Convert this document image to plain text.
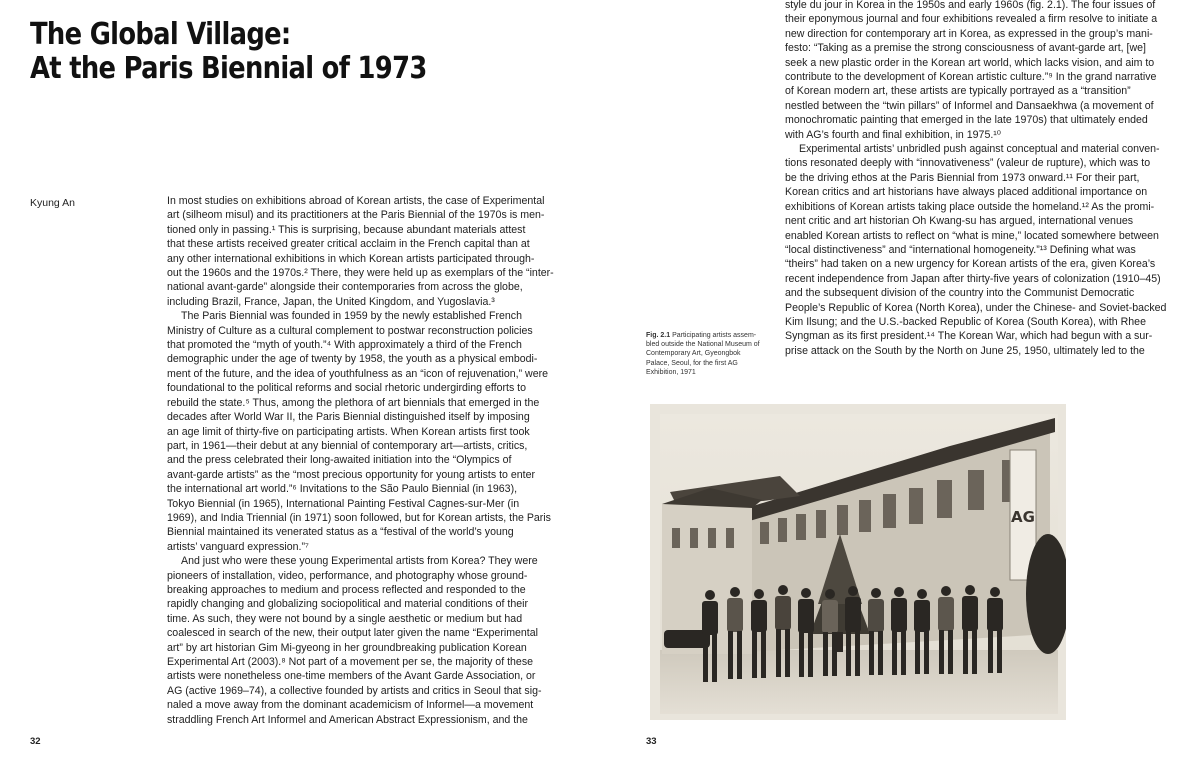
The Global Village:
At the Paris Biennial of 1973
Kyung An	In most studies on exhibitions abroad of Korean artists, the case of Experimental
art (silheom misul) and its practitioners at the Paris Biennial of the 1970s is men-
tioned only in passing.¹ This is surprising, because abundant materials attest
that these artists received greater critical acclaim in the French capital than at
any other international exhibitions in which Korean artists participated through-
out the 1960s and the 1970s.² There, they were held up as exemplars of the “inter-
national avant-garde” alongside their contemporaries from across the globe,
including Brazil, France, Japan, the United Kingdom, and Yugoslavia.³

The Paris Biennial was founded in 1959 by the newly established French
Ministry of Culture as a cultural complement to postwar reconstruction policies
that promoted the “myth of youth.”⁴ With approximately a third of the French
demographic under the age of twenty by 1958, the youth as a physical embodi-
ment of the future, and the idea of youthfulness as an “icon of rejuvenation,” were
foundational to the political reforms and social rhetoric undergirding efforts to
rebuild the state.⁵ Thus, among the plethora of art biennials that emerged in the
decades after World War II, the Paris Biennial distinguished itself by imposing
an age limit of thirty-five on participating artists. When Korean artists first took
part, in 1961—their debut at any biennial of contemporary art—artists, critics,
and the press celebrated their long-awaited initiation into the “Olympics of
avant-garde artists” as the “most precious opportunity for young artists to enter
the international art world.”⁶ Invitations to the São Paulo Biennial (in 1963),
Tokyo Biennial (in 1965), International Painting Festival Cagnes-sur-Mer (in
1969), and India Triennial (in 1971) soon followed, but for Korean artists, the Paris
Biennial maintained its venerated status as a “festival of the world’s young
artists’ vanguard expression.”⁷

And just who were these young Experimental artists from Korea? They were
pioneers of installation, video, performance, and photography whose ground-
breaking approaches to medium and process reflected and responded to the
rapidly changing and globalizing sociopolitical and material conditions of their
time. As such, they were not bound by a single aesthetic or medium but had
coalesced in search of the new, their output later given the name “Experimental
art” by art historian Gim Mi-gyeong in her groundbreaking publication Korean
Experimental Art (2003).⁸ Not part of a movement per se, the majority of these
artists were nonetheless one-time members of the Avant Garde Association, or
AG (active 1969–74), a collective founded by artists and critics in Seoul that sig-
naled a move away from the dominant academicism of Informel—a movement
straddling French Art Informel and American Abstract Expressionism, and the

32

style du jour in Korea in the 1950s and early 1960s (fig. 2.1). The four issues of
their eponymous journal and four exhibitions revealed a firm resolve to initiate a
new direction for contemporary art in Korea, as expressed in the group’s mani-
festo: “Taking as a premise the strong consciousness of avant-garde art, [we]
seek a new plastic order in the Korean art world, which lacks vision, and aim to
contribute to the development of Korean artistic culture.”⁹ In the grand narrative
of Korean modern art, these artists are typically portrayed as a “transition”
nestled between the “twin pillars” of Informel and Dansaekhwa (a movement of
monochromatic painting that emerged in the late 1970s) that ultimately ended
with AG’s fourth and final exhibition, in 1975.¹⁰

Experimental artists’ unbridled push against conceptual and material conven-
tions resonated deeply with “innovativeness” (valeur de rupture), which was to
be the driving ethos at the Paris Biennial from 1973 onward.¹¹ For their part,
Korean critics and art historians have always placed additional importance on
exhibitions of Korean artists taking place outside the homeland.¹² As the promi-
nent critic and art historian Oh Kwang-su has argued, international venues
enabled Korean artists to reflect on “what is mine,” located somewhere between
“local distinctiveness” and “international homogeneity.”¹³ Defining what was
“theirs” had taken on a new urgency for Korean artists of the era, given Korea’s
recent independence from Japan after thirty-five years of colonization (1910–45)
and the subsequent division of the country into the Communist Democratic
People’s Republic of Korea (North Korea), under the Chinese- and Soviet-backed
Kim Ilsung; and the U.S.-backed Republic of Korea (South Korea), with Rhee
Syngman as its first president.¹⁴ The Korean War, which had begun with a sur-
prise attack on the South by the North on June 25, 1950, ultimately led to the

Fig. 2.1 Participating artists assem-
bled outside the National Museum of
Contemporary Art, Gyeongbok
Palace, Seoul, for the first AG
Exhibition, 1971
AG
33
